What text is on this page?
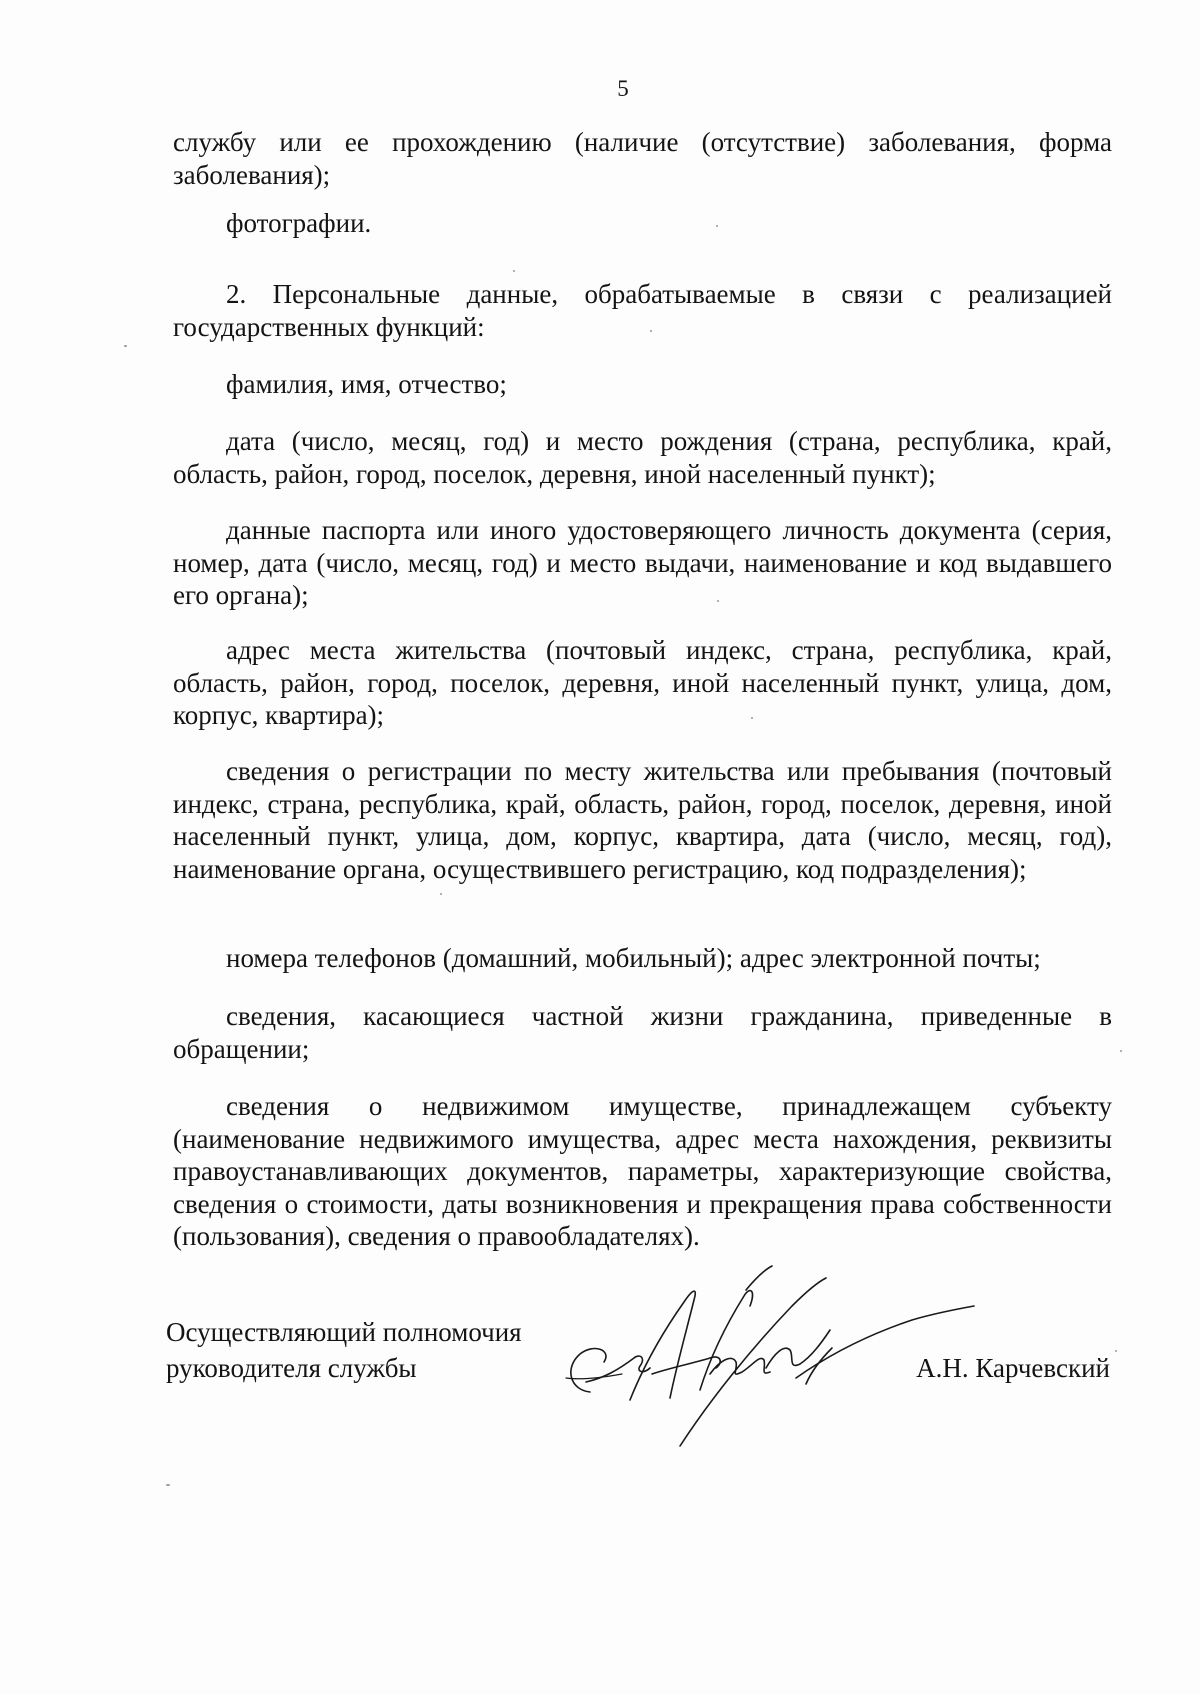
5

службу или ее прохождению (наличие (отсутствие) заболевания, форма заболевания);

фотографии.

2. Персональные данные, обрабатываемые в связи с реализацией государственных функций:

фамилия, имя, отчество;

дата (число, месяц, год) и место рождения (страна, республика, край, область, район, город, поселок, деревня, иной населенный пункт);

данные паспорта или иного удостоверяющего личность документа (серия, номер, дата (число, месяц, год) и место выдачи, наименование и код выдавшего его органа);

адрес места жительства (почтовый индекс, страна, республика, край, область, район, город, поселок, деревня, иной населенный пункт, улица, дом, корпус, квартира);

сведения о регистрации по месту жительства или пребывания (почтовый индекс, страна, республика, край, область, район, город, поселок, деревня, иной населенный пункт, улица, дом, корпус, квартира, дата (число, месяц, год), наименование органа, осуществившего регистрацию, код подразделения);

номера телефонов (домашний, мобильный); адрес электронной почты;

сведения, касающиеся частной жизни гражданина, приведенные в обращении;

сведения о недвижимом имуществе, принадлежащем субъекту (наименование недвижимого имущества, адрес места нахождения, реквизиты правоустанавливающих документов, параметры, характеризующие свойства, сведения о стоимости, даты возникновения и прекращения права собственности (пользования), сведения о правообладателях).

Осуществляющий полномочия
руководителя службы	А.Н. Карчевский
